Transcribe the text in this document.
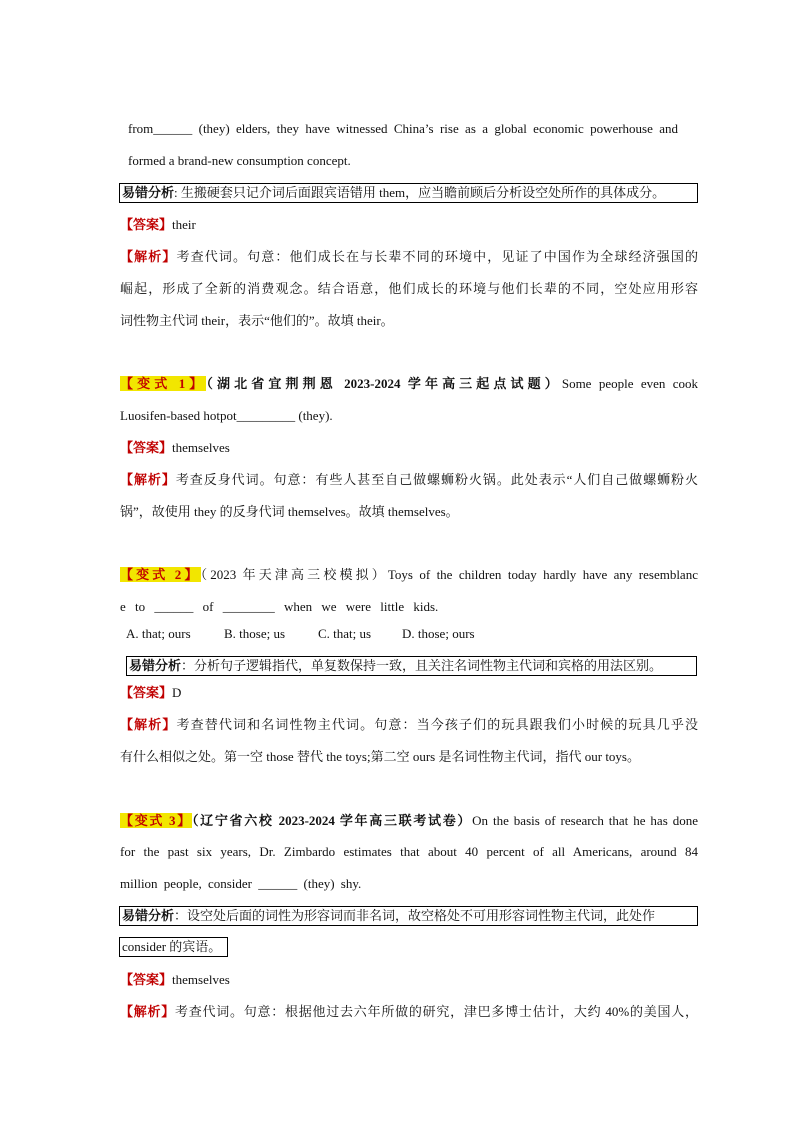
from______ (they) elders, they have witnessed China’s rise as a global economic powerhouse and
formed a brand-new consumption concept.
易错分析: 生搬硬套只记介词后面跟宾语错用 them，应当瞻前顾后分析设空处所作的具体成分。
【答案】their
【解析】考查代词。句意：他们成长在与长辈不同的环境中，见证了中国作为全球经济强国的
崛起，形成了全新的消费观念。结合语意，他们成长的环境与他们长辈的不同，空处应用形容
词性物主代词 their，表示“他们的”。故填 their。
【变式 1】（湖北省宜荆荆恩 2023-2024 学年高三起点试题）Some people even cook
Luosifen-based hotpot_________ (they).
【答案】themselves
【解析】考查反身代词。句意：有些人甚至自己做螺蛳粉火锅。此处表示“人们自己做螺蛳粉火
锅”，故使用 they 的反身代词 themselves。故填 themselves。
【变式 2】（2023 年天津高三校模拟）Toys of the children today hardly have any resemblanc
e to ______ of ________ when we were little kids.
A. that; ours	B. those; us	C. that; us D. those; ours
易错分析：分析句子逻辑指代，单复数保持一致，且关注名词性物主代词和宾格的用法区别。
【答案】D
【解析】考查替代词和名词性物主代词。句意：当今孩子们的玩具跟我们小时候的玩具几乎没
有什么相似之处。第一空 those 替代 the toys;第二空 ours 是名词性物主代词，指代 our toys。
【变式 3】（辽宁省六校 2023-2024 学年高三联考试卷）On the basis of research that he has done
for the past six years, Dr. Zimbardo estimates that about 40 percent of all Americans, around 84
million people, consider ______ (they) shy.
易错分析：设空处后面的词性为形容词而非名词，故空格处不可用形容词性物主代词，此处作
consider 的宾语。
【答案】themselves
【解析】考查代词。句意：根据他过去六年所做的研究，津巴多博士估计，大约 40%的美国人，
